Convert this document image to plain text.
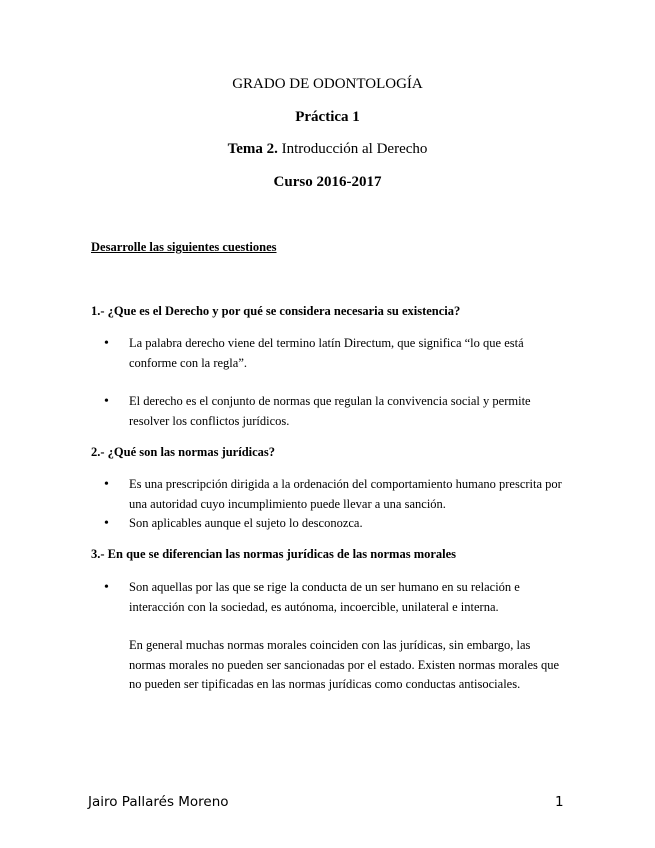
GRADO DE ODONTOLOGÍA
Práctica 1
Tema 2. Introducción al Derecho
Curso 2016-2017
Desarrolle las siguientes cuestiones
1.- ¿Que es el Derecho y por qué se considera necesaria su existencia?
• La palabra derecho viene del termino latín Directum, que significa “lo que está conforme con la regla”.
• El derecho es el conjunto de normas que regulan la convivencia social y permite resolver los conflictos jurídicos.
2.- ¿Qué son las normas jurídicas?
• Es una prescripción dirigida a la ordenación del comportamiento humano prescrita por una autoridad cuyo incumplimiento puede llevar a una sanción.
• Son aplicables aunque el sujeto lo desconozca.
3.- En que se diferencian las normas jurídicas de las normas morales
• Son aquellas por las que se rige la conducta de un ser humano en su relación e interacción con la sociedad, es autónoma, incoercible, unilateral e interna.
En general muchas normas morales coinciden con las jurídicas, sin embargo, las normas morales no pueden ser sancionadas por el estado. Existen normas morales que no pueden ser tipificadas en las normas jurídicas como conductas antisociales.
Jairo Pallarés Moreno	1
